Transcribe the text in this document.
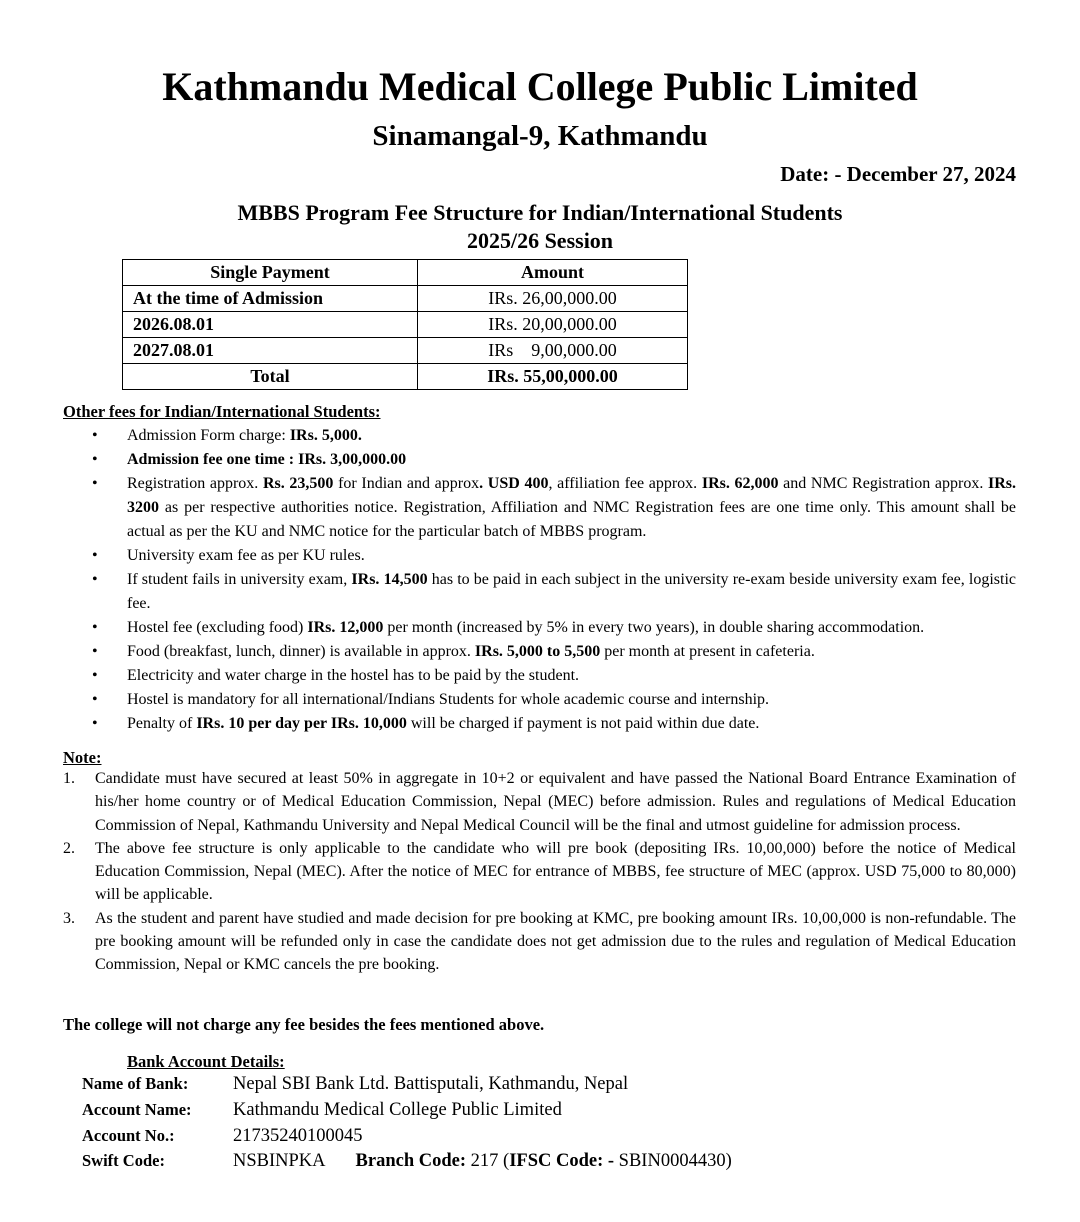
Kathmandu Medical College Public Limited
Sinamangal-9, Kathmandu
Date: - December 27, 2024
MBBS Program Fee Structure for Indian/International Students
2025/26 Session
Single Payment	Amount
At the time of Admission	IRs. 26,00,000.00
2026.08.01	IRs. 20,00,000.00
2027.08.01	IRs    9,00,000.00
Total	IRs. 55,00,000.00
Other fees for Indian/International Students:
• Admission Form charge: IRs. 5,000.
• Admission fee one time : IRs. 3,00,000.00
• Registration approx. Rs. 23,500 for Indian and approx. USD 400, affiliation fee approx. IRs. 62,000 and NMC Registration approx. IRs. 3200 as per respective authorities notice. Registration, Affiliation and NMC Registration fees are one time only. This amount shall be actual as per the KU and NMC notice for the particular batch of MBBS program.
• University exam fee as per KU rules.
• If student fails in university exam, IRs. 14,500 has to be paid in each subject in the university re-exam beside university exam fee, logistic fee.
• Hostel fee (excluding food) IRs. 12,000 per month (increased by 5% in every two years), in double sharing accommodation.
• Food (breakfast, lunch, dinner) is available in approx. IRs. 5,000 to 5,500 per month at present in cafeteria.
• Electricity and water charge in the hostel has to be paid by the student.
• Hostel is mandatory for all international/Indians Students for whole academic course and internship.
• Penalty of IRs. 10 per day per IRs. 10,000 will be charged if payment is not paid within due date.
Note:
1. Candidate must have secured at least 50% in aggregate in 10+2 or equivalent and have passed the National Board Entrance Examination of his/her home country or of Medical Education Commission, Nepal (MEC) before admission. Rules and regulations of Medical Education Commission of Nepal, Kathmandu University and Nepal Medical Council will be the final and utmost guideline for admission process.
2. The above fee structure is only applicable to the candidate who will pre book (depositing IRs. 10,00,000) before the notice of Medical Education Commission, Nepal (MEC). After the notice of MEC for entrance of MBBS, fee structure of MEC (approx. USD 75,000 to 80,000) will be applicable.
3. As the student and parent have studied and made decision for pre booking at KMC, pre booking amount IRs. 10,00,000 is non-refundable. The pre booking amount will be refunded only in case the candidate does not get admission due to the rules and regulation of Medical Education Commission, Nepal or KMC cancels the pre booking.
The college will not charge any fee besides the fees mentioned above.
Bank Account Details:
Name of Bank: Nepal SBI Bank Ltd. Battisputali, Kathmandu, Nepal
Account Name: Kathmandu Medical College Public Limited
Account No.:	21735240100045
Swift Code:	NSBINPKA Branch Code: 217 (IFSC Code: - SBIN0004430)
